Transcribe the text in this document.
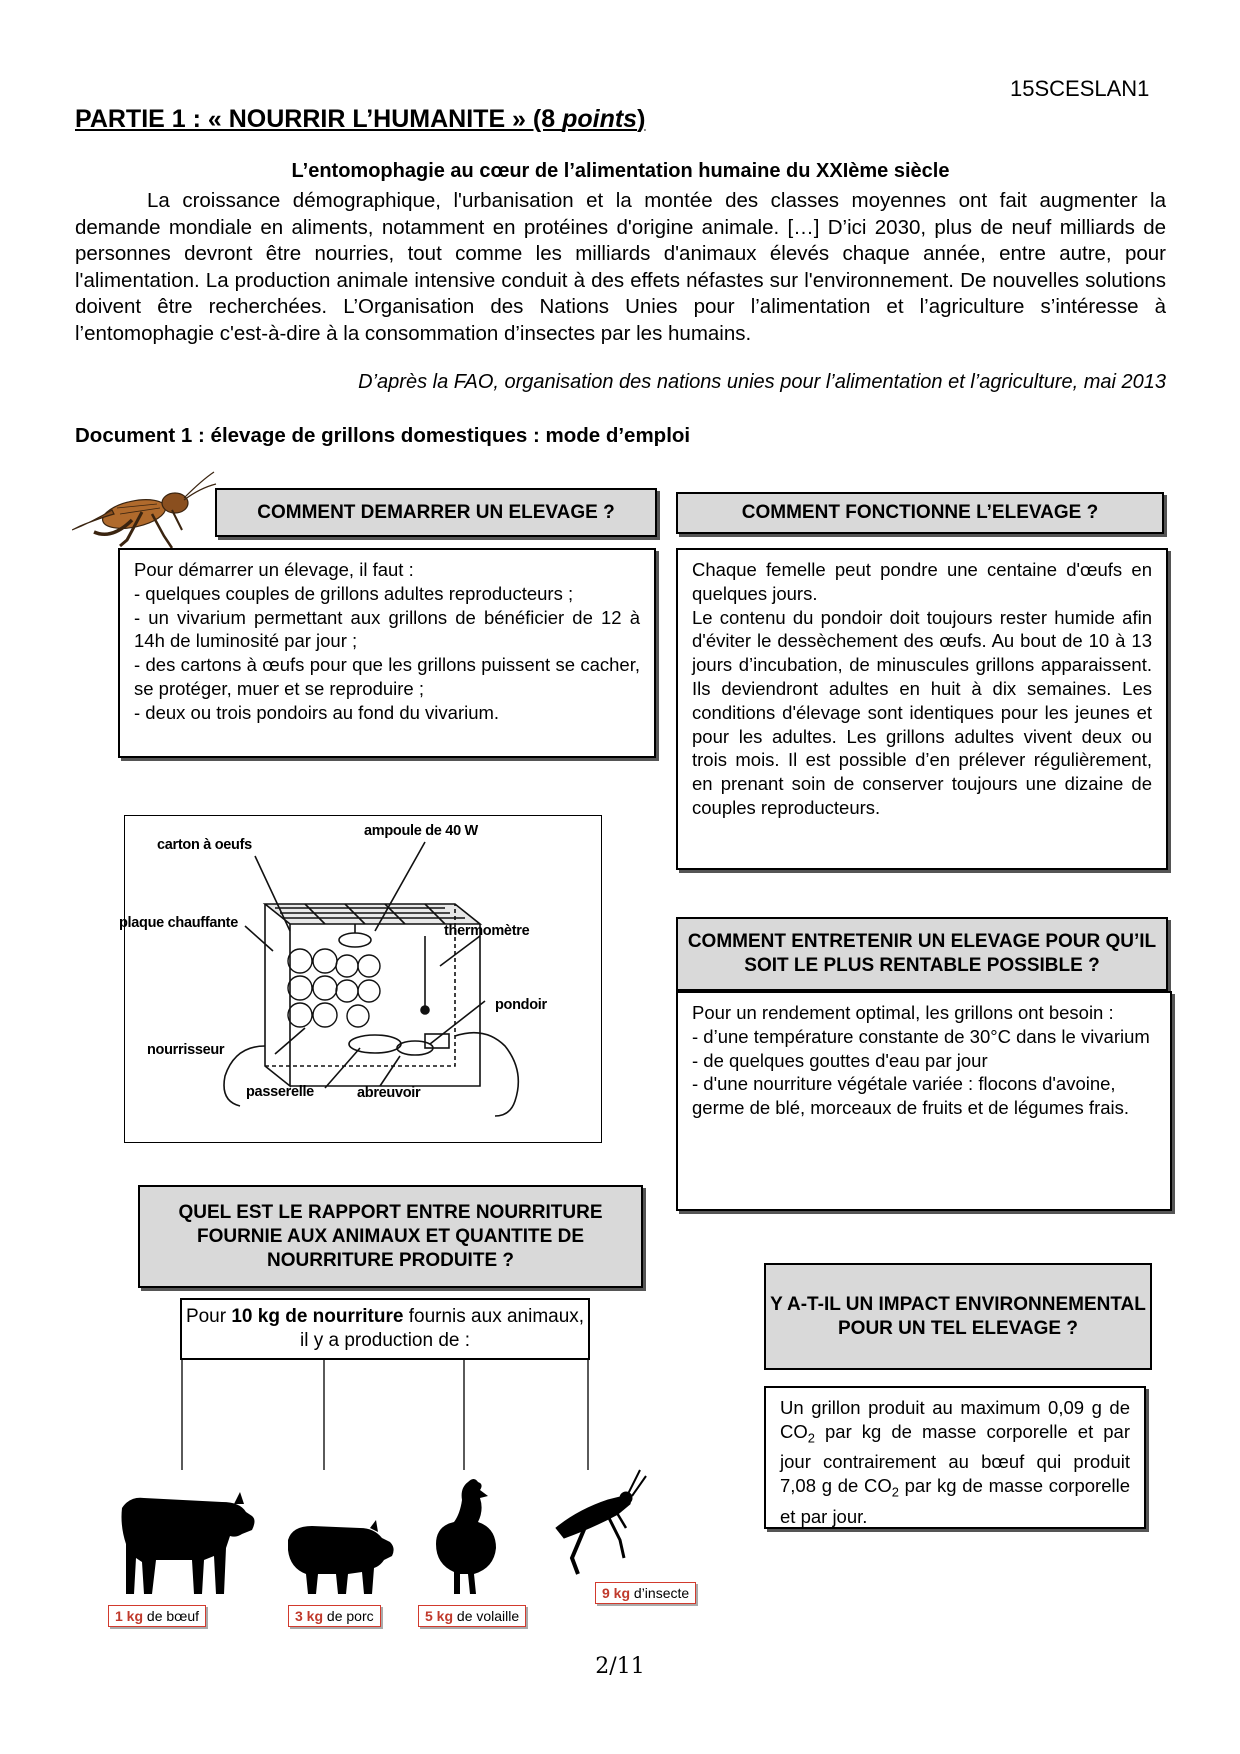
15SCESLAN1
PARTIE 1 : « NOURRIR L’HUMANITE » (8 points)
L’entomophagie au cœur de l’alimentation humaine du XXIème siècle
La croissance démographique, l'urbanisation et la montée des classes moyennes ont fait augmenter la demande mondiale en aliments, notamment en protéines d'origine animale. […] D’ici 2030, plus de neuf milliards de personnes devront être nourries, tout comme les milliards d'animaux élevés chaque année, entre autre, pour l'alimentation. La production animale intensive conduit à des effets néfastes sur l'environnement. De nouvelles solutions doivent être recherchées. L’Organisation des Nations Unies pour l’alimentation et l’agriculture s’intéresse à l’entomophagie c'est-à-dire à la consommation d’insectes par les humains.
D’après la FAO, organisation des nations unies pour l’alimentation et l’agriculture, mai 2013
Document 1 : élevage de grillons domestiques : mode d’emploi
COMMENT DEMARRER UN ELEVAGE ?
Pour démarrer un élevage, il faut :
- quelques couples de grillons adultes reproducteurs ;
- un vivarium permettant aux grillons de bénéficier de 12 à 14h de luminosité par jour ;
- des cartons à œufs pour que les grillons puissent se cacher, se protéger, muer et se reproduire ;
- deux ou trois pondoirs au fond du vivarium.
COMMENT FONCTIONNE L’ELEVAGE ?
Chaque femelle peut pondre une centaine d'œufs en quelques jours.
Le contenu du pondoir doit toujours rester humide afin d'éviter le dessèchement des œufs. Au bout de 10 à 13 jours d’incubation, de minuscules grillons apparaissent. Ils deviendront adultes en huit à dix semaines. Les conditions d'élevage sont identiques pour les jeunes et pour les adultes. Les grillons adultes vivent deux ou trois mois. Il est possible d’en prélever régulièrement, en prenant soin de conserver toujours une dizaine de couples reproducteurs.
carton à oeufs
ampoule de 40 W
plaque chauffante	thermomètre
pondoir
nourrisseur
passerelle	abreuvoir
COMMENT ENTRETENIR UN ELEVAGE POUR QU’IL SOIT LE PLUS RENTABLE POSSIBLE ?
Pour un rendement optimal, les grillons ont besoin :
- d’une température constante de 30°C dans le vivarium
- de quelques gouttes d'eau par jour
- d'une nourriture végétale variée : flocons d'avoine, germe de blé, morceaux de fruits et de légumes frais.
QUEL EST LE RAPPORT ENTRE NOURRITURE FOURNIE AUX ANIMAUX ET QUANTITE DE NOURRITURE PRODUITE ?
Pour 10 kg de nourriture fournis aux animaux, il y a production de :
1 kg de bœuf	3 kg de porc	5 kg de volaille
9 kg d’insecte
Y A-T-IL UN IMPACT ENVIRONNEMENTAL POUR UN TEL ELEVAGE ?
Un grillon produit au maximum 0,09 g de $CO_2$ par kg de masse corporelle et par jour contrairement au bœuf qui produit 7,08 g de $CO_2$ par kg de masse corporelle et par jour.
2/11
